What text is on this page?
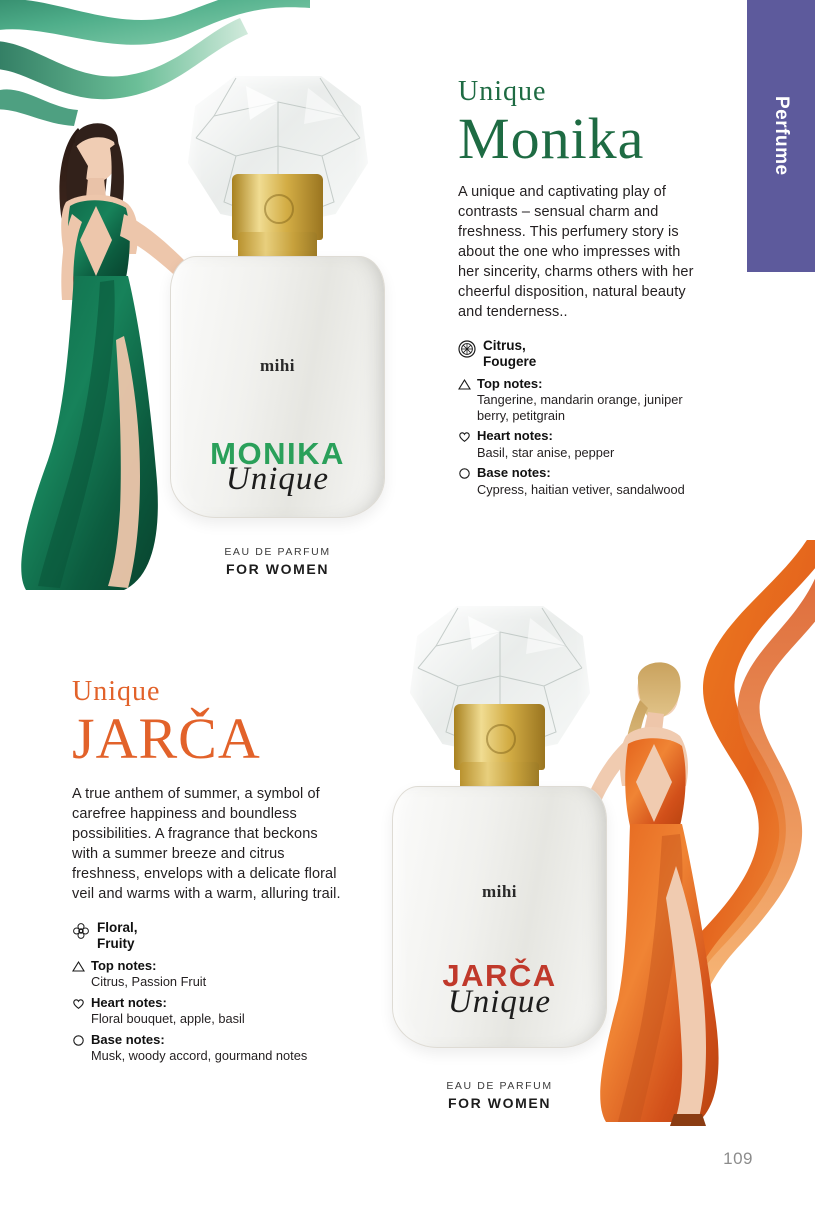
mihi
MONIKA
Unique
EAU DE PARFUM
FOR WOMEN
Unique
Monika
A unique and captivating play of contrasts – sensual charm and freshness. This perfumery story is about the one who impresses with her sincerity, charms others with her cheerful disposition, natural beauty and tenderness..
Citrus,
Fougere
Top notes:
Tangerine, mandarin orange, juniper berry, petitgrain
Heart notes:
Basil, star anise, pepper
Base notes:
Cypress, haitian vetiver, sandalwood
Unique
JARČA
A true anthem of summer, a symbol of carefree happiness and boundless possibilities. A fragrance that beckons with a summer breeze and citrus freshness, envelops with a delicate floral veil and warms with a warm, alluring trail.
Floral,
Fruity
Top notes:
Citrus, Passion Fruit
Heart notes:
Floral bouquet, apple, basil
Base notes:
Musk, woody accord, gourmand notes
mihi
JARČA
Unique
EAU DE PARFUM
FOR WOMEN
Perfume
109
